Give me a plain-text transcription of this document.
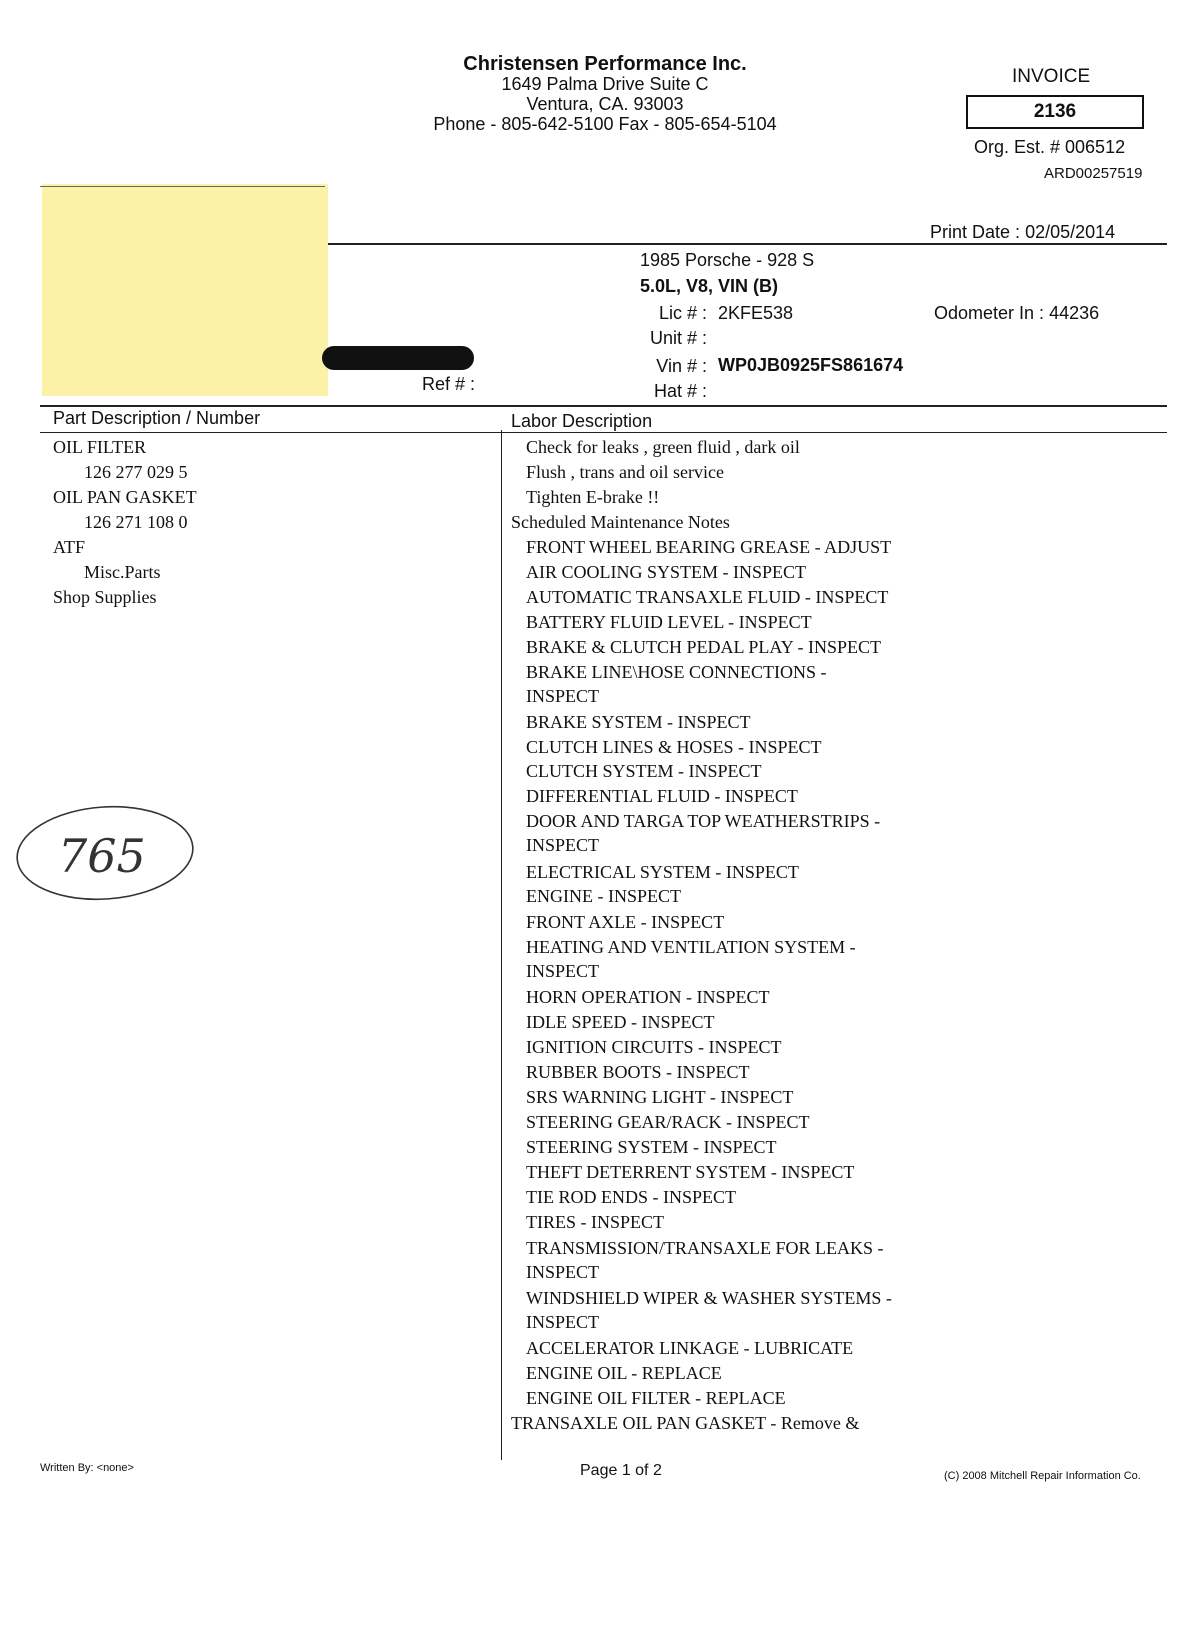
Christensen Performance Inc.
1649 Palma Drive Suite C
Ventura, CA. 93003
Phone - 805-642-5100 Fax - 805-654-5104
INVOICE
2136
Org. Est. # 006512
ARD00257519
Print Date : 02/05/2014
1985 Porsche - 928 S
5.0L, V8, VIN (B)
Lic # : 2KFE538
Unit # :
Vin # : WP0JB0925FS861674
Hat # :
Odometer In : 44236
Ref # :
Part Description / Number	Labor Description
OIL FILTER
126 277 029 5
OIL PAN GASKET
126 271 108 0
ATF
Misc.Parts
Shop Supplies
Check for leaks , green fluid , dark oil
Flush , trans and oil service
Tighten E-brake !!
Scheduled Maintenance Notes
FRONT WHEEL BEARING GREASE - ADJUST
AIR COOLING SYSTEM - INSPECT
AUTOMATIC TRANSAXLE FLUID - INSPECT
BATTERY FLUID LEVEL - INSPECT
BRAKE & CLUTCH PEDAL PLAY - INSPECT
BRAKE LINE\HOSE CONNECTIONS -
INSPECT
BRAKE SYSTEM - INSPECT
CLUTCH LINES & HOSES - INSPECT
CLUTCH SYSTEM - INSPECT
DIFFERENTIAL FLUID - INSPECT
DOOR AND TARGA TOP WEATHERSTRIPS -
INSPECT
ELECTRICAL SYSTEM - INSPECT
ENGINE - INSPECT
FRONT AXLE - INSPECT
HEATING AND VENTILATION SYSTEM -
INSPECT
HORN OPERATION - INSPECT
IDLE SPEED - INSPECT
IGNITION CIRCUITS - INSPECT
RUBBER BOOTS - INSPECT
SRS WARNING LIGHT - INSPECT
STEERING GEAR/RACK - INSPECT
STEERING SYSTEM - INSPECT
THEFT DETERRENT SYSTEM - INSPECT
TIE ROD ENDS - INSPECT
TIRES - INSPECT
TRANSMISSION/TRANSAXLE FOR LEAKS -
INSPECT
WINDSHIELD WIPER & WASHER SYSTEMS -
INSPECT
ACCELERATOR LINKAGE - LUBRICATE
ENGINE OIL - REPLACE
ENGINE OIL FILTER - REPLACE
TRANSAXLE OIL PAN GASKET - Remove &
765
Written By: <none>	Page 1 of 2	(C) 2008 Mitchell Repair Information Co.
